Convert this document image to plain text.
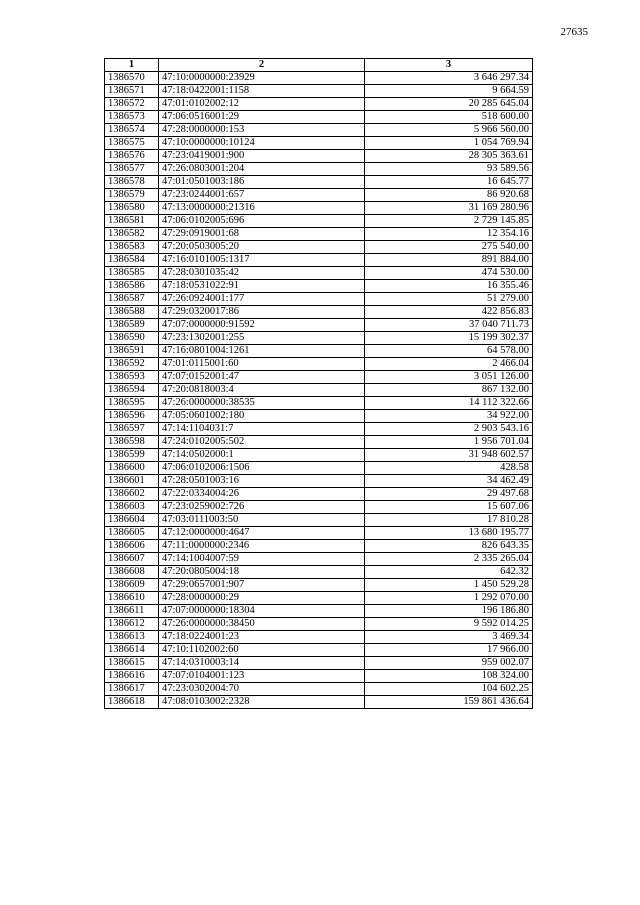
27635
1	2	3
1386570	47:10:0000000:23929	3 646 297.34
1386571	47:18:0422001:1158	9 664.59
1386572	47:01:0102002:12	20 285 645.04
1386573	47:06:0516001:29	518 600.00
1386574	47:28:0000000:153	5 966 560.00
1386575	47:10:0000000:10124	1 054 769.94
1386576	47:23:0419001:900	28 305 363.61
1386577	47:26:0803001:204	93 589.56
1386578	47:01:0501003:186	16 645.77
1386579	47:23:0244001:657	86 920.68
1386580	47:13:0000000:21316	31 169 280.96
1386581	47:06:0102005:696	2 729 145.85
1386582	47:29:0919001:68	12 354.16
1386583	47:20:0503005:20	275 540.00
1386584	47:16:0101005:1317	891 884.00
1386585	47:28:0301035:42	474 530.00
1386586	47:18:0531022:91	16 355.46
1386587	47:26:0924001:177	51 279.00
1386588	47:29:0320017:86	422 856.83
1386589	47:07:0000000:91592	37 040 711.73
1386590	47:23:1302001:255	15 199 302.37
1386591	47:16:0801004:1261	64 578.00
1386592	47:01:0115001:60	2 466.04
1386593	47:07:0152001:47	3 051 126.00
1386594	47:20:0818003:4	867 132.00
1386595	47:26:0000000:38535	14 112 322.66
1386596	47:05:0601002:180	34 922.00
1386597	47:14:1104031:7	2 903 543.16
1386598	47:24:0102005:502	1 956 701.04
1386599	47:14:0502000:1	31 948 602.57
1386600	47:06:0102006:1506	428.58
1386601	47:28:0501003:16	34 462.49
1386602	47:22:0334004:26	29 497.68
1386603	47:23:0259002:726	15 607.06
1386604	47:03:0111003:50	17 810.28
1386605	47:12:0000000:4647	13 680 195.77
1386606	47:11:0000000:2346	826 643.35
1386607	47:14:1004007:59	2 335 265.04
1386608	47:20:0805004:18	642.32
1386609	47:29:0657001:907	1 450 529.28
1386610	47:28:0000000:29	1 292 070.00
1386611	47:07:0000000:18304	196 186.80
1386612	47:26:0000000:38450	9 592 014.25
1386613	47:18:0224001:23	3 469.34
1386614	47:10:1102002:60	17 966.00
1386615	47:14:0310003:14	959 002.07
1386616	47:07:0104001:123	108 324.00
1386617	47:23:0302004:70	104 602.25
1386618	47:08:0103002:2328	159 861 436.64
